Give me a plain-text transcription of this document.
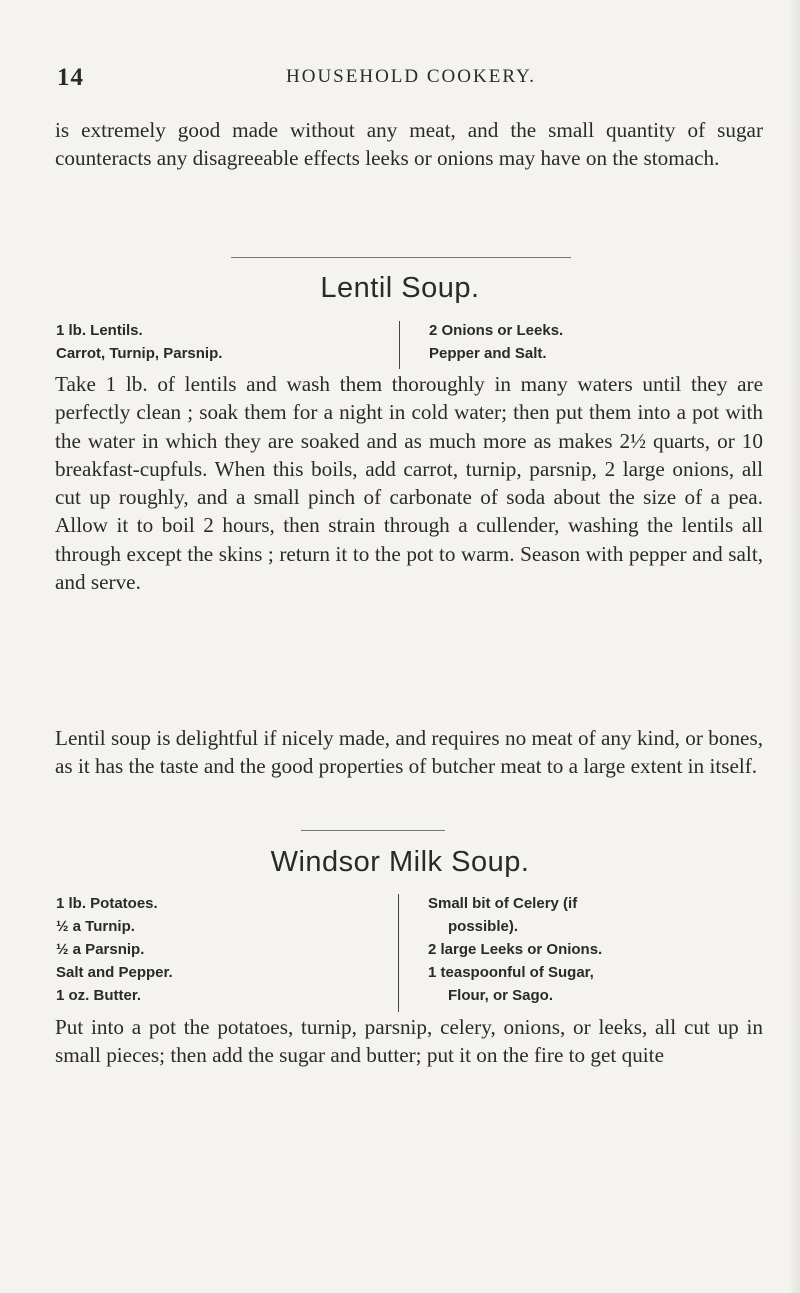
14	HOUSEHOLD COOKERY.

is extremely good made without any meat, and the small quantity of sugar counteracts any disagreeable effects leeks or onions may have on the stomach.

Lentil Soup.
1 lb. Lentils.
Carrot, Turnip, Parsnip.
2 Onions or Leeks.
Pepper and Salt.

Take 1 lb. of lentils and wash them thoroughly in many waters until they are perfectly clean ; soak them for a night in cold water; then put them into a pot with the water in which they are soaked and as much more as makes 2½ quarts, or 10 breakfast-cupfuls. When this boils, add carrot, turnip, parsnip, 2 large onions, all cut up roughly, and a small pinch of carbonate of soda about the size of a pea. Allow it to boil 2 hours, then strain through a cullender, washing the lentils all through except the skins ; return it to the pot to warm. Season with pepper and salt, and serve.

Lentil soup is delightful if nicely made, and requires no meat of any kind, or bones, as it has the taste and the good properties of butcher meat to a large extent in itself.

Windsor Milk Soup.
1 lb. Potatoes.
½ a Turnip.
½ a Parsnip.
Salt and Pepper.
1 oz. Butter.
Small bit of Celery (if
possible).
2 large Leeks or Onions.
1 teaspoonful of Sugar,
Flour, or Sago.

Put into a pot the potatoes, turnip, parsnip, celery, onions, or leeks, all cut up in small pieces; then add the sugar and butter; put it on the fire to get quite
